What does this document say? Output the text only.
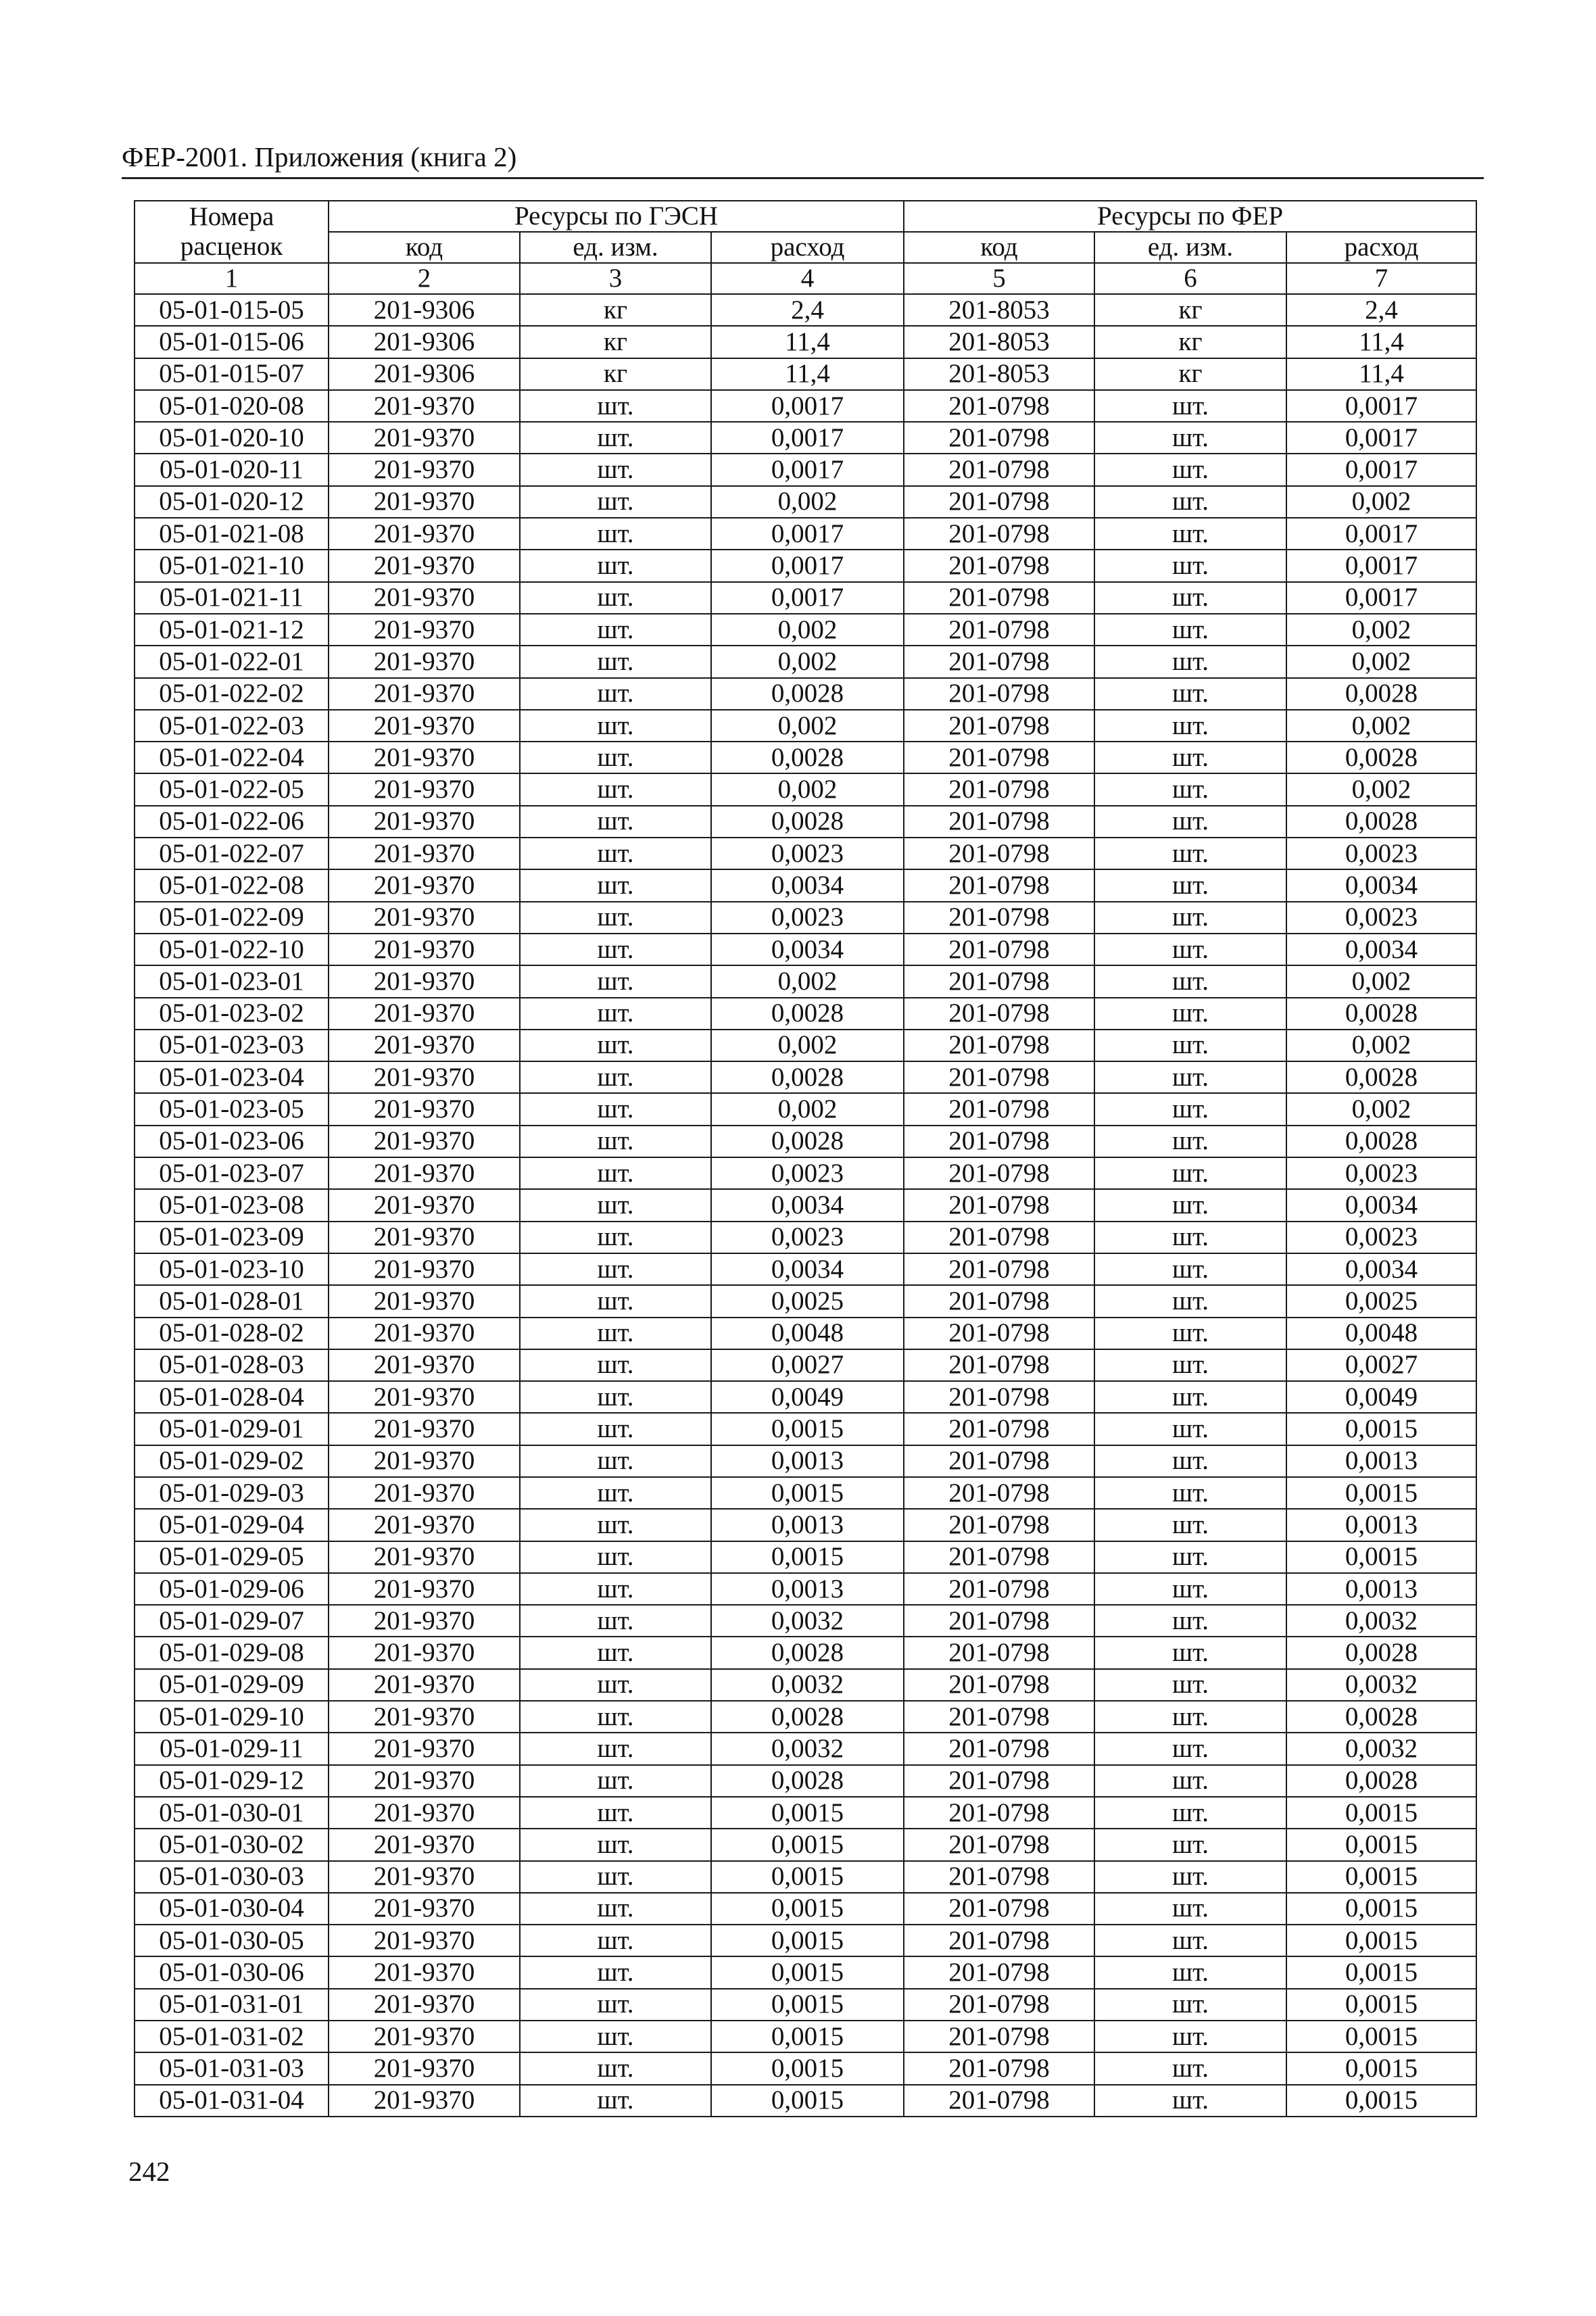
ФЕР-2001. Приложения (книга 2)
Номера расценок	Ресурсы по ГЭСН			Ресурсы по ФЕР		
	код	ед. изм.	расход	код	ед. изм.	расход
1	2	3	4	5	6	7
05-01-015-05	201-9306	кг	2,4	201-8053	кг	2,4
05-01-015-06	201-9306	кг	11,4	201-8053	кг	11,4
05-01-015-07	201-9306	кг	11,4	201-8053	кг	11,4
05-01-020-08	201-9370	шт.	0,0017	201-0798	шт.	0,0017
05-01-020-10	201-9370	шт.	0,0017	201-0798	шт.	0,0017
05-01-020-11	201-9370	шт.	0,0017	201-0798	шт.	0,0017
05-01-020-12	201-9370	шт.	0,002	201-0798	шт.	0,002
05-01-021-08	201-9370	шт.	0,0017	201-0798	шт.	0,0017
05-01-021-10	201-9370	шт.	0,0017	201-0798	шт.	0,0017
05-01-021-11	201-9370	шт.	0,0017	201-0798	шт.	0,0017
05-01-021-12	201-9370	шт.	0,002	201-0798	шт.	0,002
05-01-022-01	201-9370	шт.	0,002	201-0798	шт.	0,002
05-01-022-02	201-9370	шт.	0,0028	201-0798	шт.	0,0028
05-01-022-03	201-9370	шт.	0,002	201-0798	шт.	0,002
05-01-022-04	201-9370	шт.	0,0028	201-0798	шт.	0,0028
05-01-022-05	201-9370	шт.	0,002	201-0798	шт.	0,002
05-01-022-06	201-9370	шт.	0,0028	201-0798	шт.	0,0028
05-01-022-07	201-9370	шт.	0,0023	201-0798	шт.	0,0023
05-01-022-08	201-9370	шт.	0,0034	201-0798	шт.	0,0034
05-01-022-09	201-9370	шт.	0,0023	201-0798	шт.	0,0023
05-01-022-10	201-9370	шт.	0,0034	201-0798	шт.	0,0034
05-01-023-01	201-9370	шт.	0,002	201-0798	шт.	0,002
05-01-023-02	201-9370	шт.	0,0028	201-0798	шт.	0,0028
05-01-023-03	201-9370	шт.	0,002	201-0798	шт.	0,002
05-01-023-04	201-9370	шт.	0,0028	201-0798	шт.	0,0028
05-01-023-05	201-9370	шт.	0,002	201-0798	шт.	0,002
05-01-023-06	201-9370	шт.	0,0028	201-0798	шт.	0,0028
05-01-023-07	201-9370	шт.	0,0023	201-0798	шт.	0,0023
05-01-023-08	201-9370	шт.	0,0034	201-0798	шт.	0,0034
05-01-023-09	201-9370	шт.	0,0023	201-0798	шт.	0,0023
05-01-023-10	201-9370	шт.	0,0034	201-0798	шт.	0,0034
05-01-028-01	201-9370	шт.	0,0025	201-0798	шт.	0,0025
05-01-028-02	201-9370	шт.	0,0048	201-0798	шт.	0,0048
05-01-028-03	201-9370	шт.	0,0027	201-0798	шт.	0,0027
05-01-028-04	201-9370	шт.	0,0049	201-0798	шт.	0,0049
05-01-029-01	201-9370	шт.	0,0015	201-0798	шт.	0,0015
05-01-029-02	201-9370	шт.	0,0013	201-0798	шт.	0,0013
05-01-029-03	201-9370	шт.	0,0015	201-0798	шт.	0,0015
05-01-029-04	201-9370	шт.	0,0013	201-0798	шт.	0,0013
05-01-029-05	201-9370	шт.	0,0015	201-0798	шт.	0,0015
05-01-029-06	201-9370	шт.	0,0013	201-0798	шт.	0,0013
05-01-029-07	201-9370	шт.	0,0032	201-0798	шт.	0,0032
05-01-029-08	201-9370	шт.	0,0028	201-0798	шт.	0,0028
05-01-029-09	201-9370	шт.	0,0032	201-0798	шт.	0,0032
05-01-029-10	201-9370	шт.	0,0028	201-0798	шт.	0,0028
05-01-029-11	201-9370	шт.	0,0032	201-0798	шт.	0,0032
05-01-029-12	201-9370	шт.	0,0028	201-0798	шт.	0,0028
05-01-030-01	201-9370	шт.	0,0015	201-0798	шт.	0,0015
05-01-030-02	201-9370	шт.	0,0015	201-0798	шт.	0,0015
05-01-030-03	201-9370	шт.	0,0015	201-0798	шт.	0,0015
05-01-030-04	201-9370	шт.	0,0015	201-0798	шт.	0,0015
05-01-030-05	201-9370	шт.	0,0015	201-0798	шт.	0,0015
05-01-030-06	201-9370	шт.	0,0015	201-0798	шт.	0,0015
05-01-031-01	201-9370	шт.	0,0015	201-0798	шт.	0,0015
05-01-031-02	201-9370	шт.	0,0015	201-0798	шт.	0,0015
05-01-031-03	201-9370	шт.	0,0015	201-0798	шт.	0,0015
05-01-031-04	201-9370	шт.	0,0015	201-0798	шт.	0,0015
242
